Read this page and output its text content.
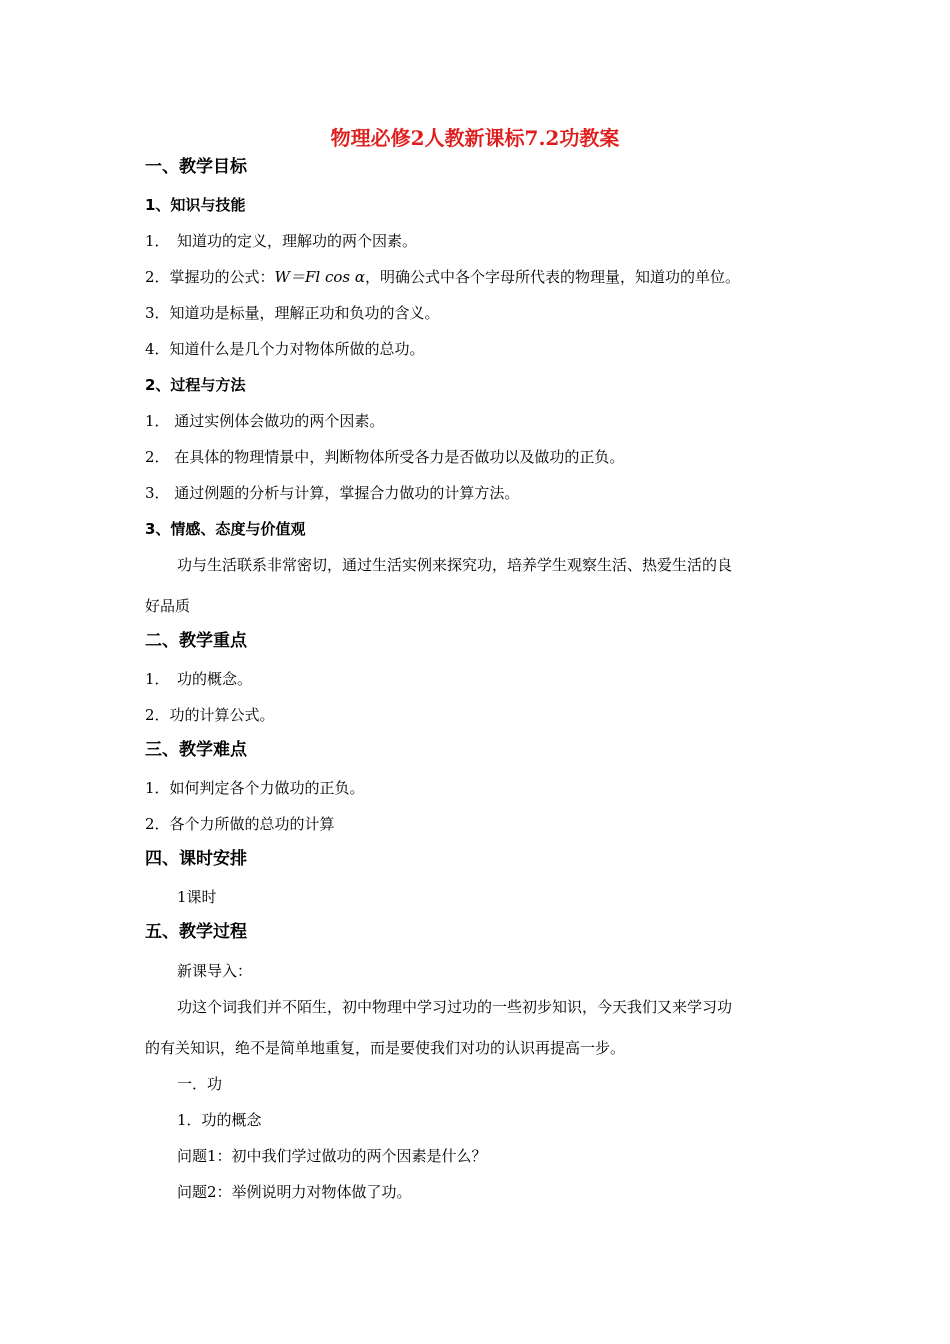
物理必修2人教新课标7.2功教案
一、教学目标
1、知识与技能
1．　知道功的定义，理解功的两个因素。
2．掌握功的公式：W＝Fl cos α，明确公式中各个字母所代表的物理量，知道功的单位。
3．知道功是标量，理解正功和负功的含义。
4．知道什么是几个力对物体所做的总功。
2、过程与方法
1． 通过实例体会做功的两个因素。
2． 在具体的物理情景中，判断物体所受各力是否做功以及做功的正负。
3． 通过例题的分析与计算，掌握合力做功的计算方法。
3、情感、态度与价值观
功与生活联系非常密切，通过生活实例来探究功，培养学生观察生活、热爱生活的良
好品质
二、教学重点
1．　功的概念。
2．功的计算公式。
三、教学难点
1．如何判定各个力做功的正负。
2．各个力所做的总功的计算
四、课时安排
1课时
五、教学过程
新课导入：
功这个词我们并不陌生，初中物理中学习过功的一些初步知识，今天我们又来学习功
的有关知识，绝不是简单地重复，而是要使我们对功的认识再提高一步。
一．功
1．功的概念
问题1：初中我们学过做功的两个因素是什么？
问题2：举例说明力对物体做了功。
